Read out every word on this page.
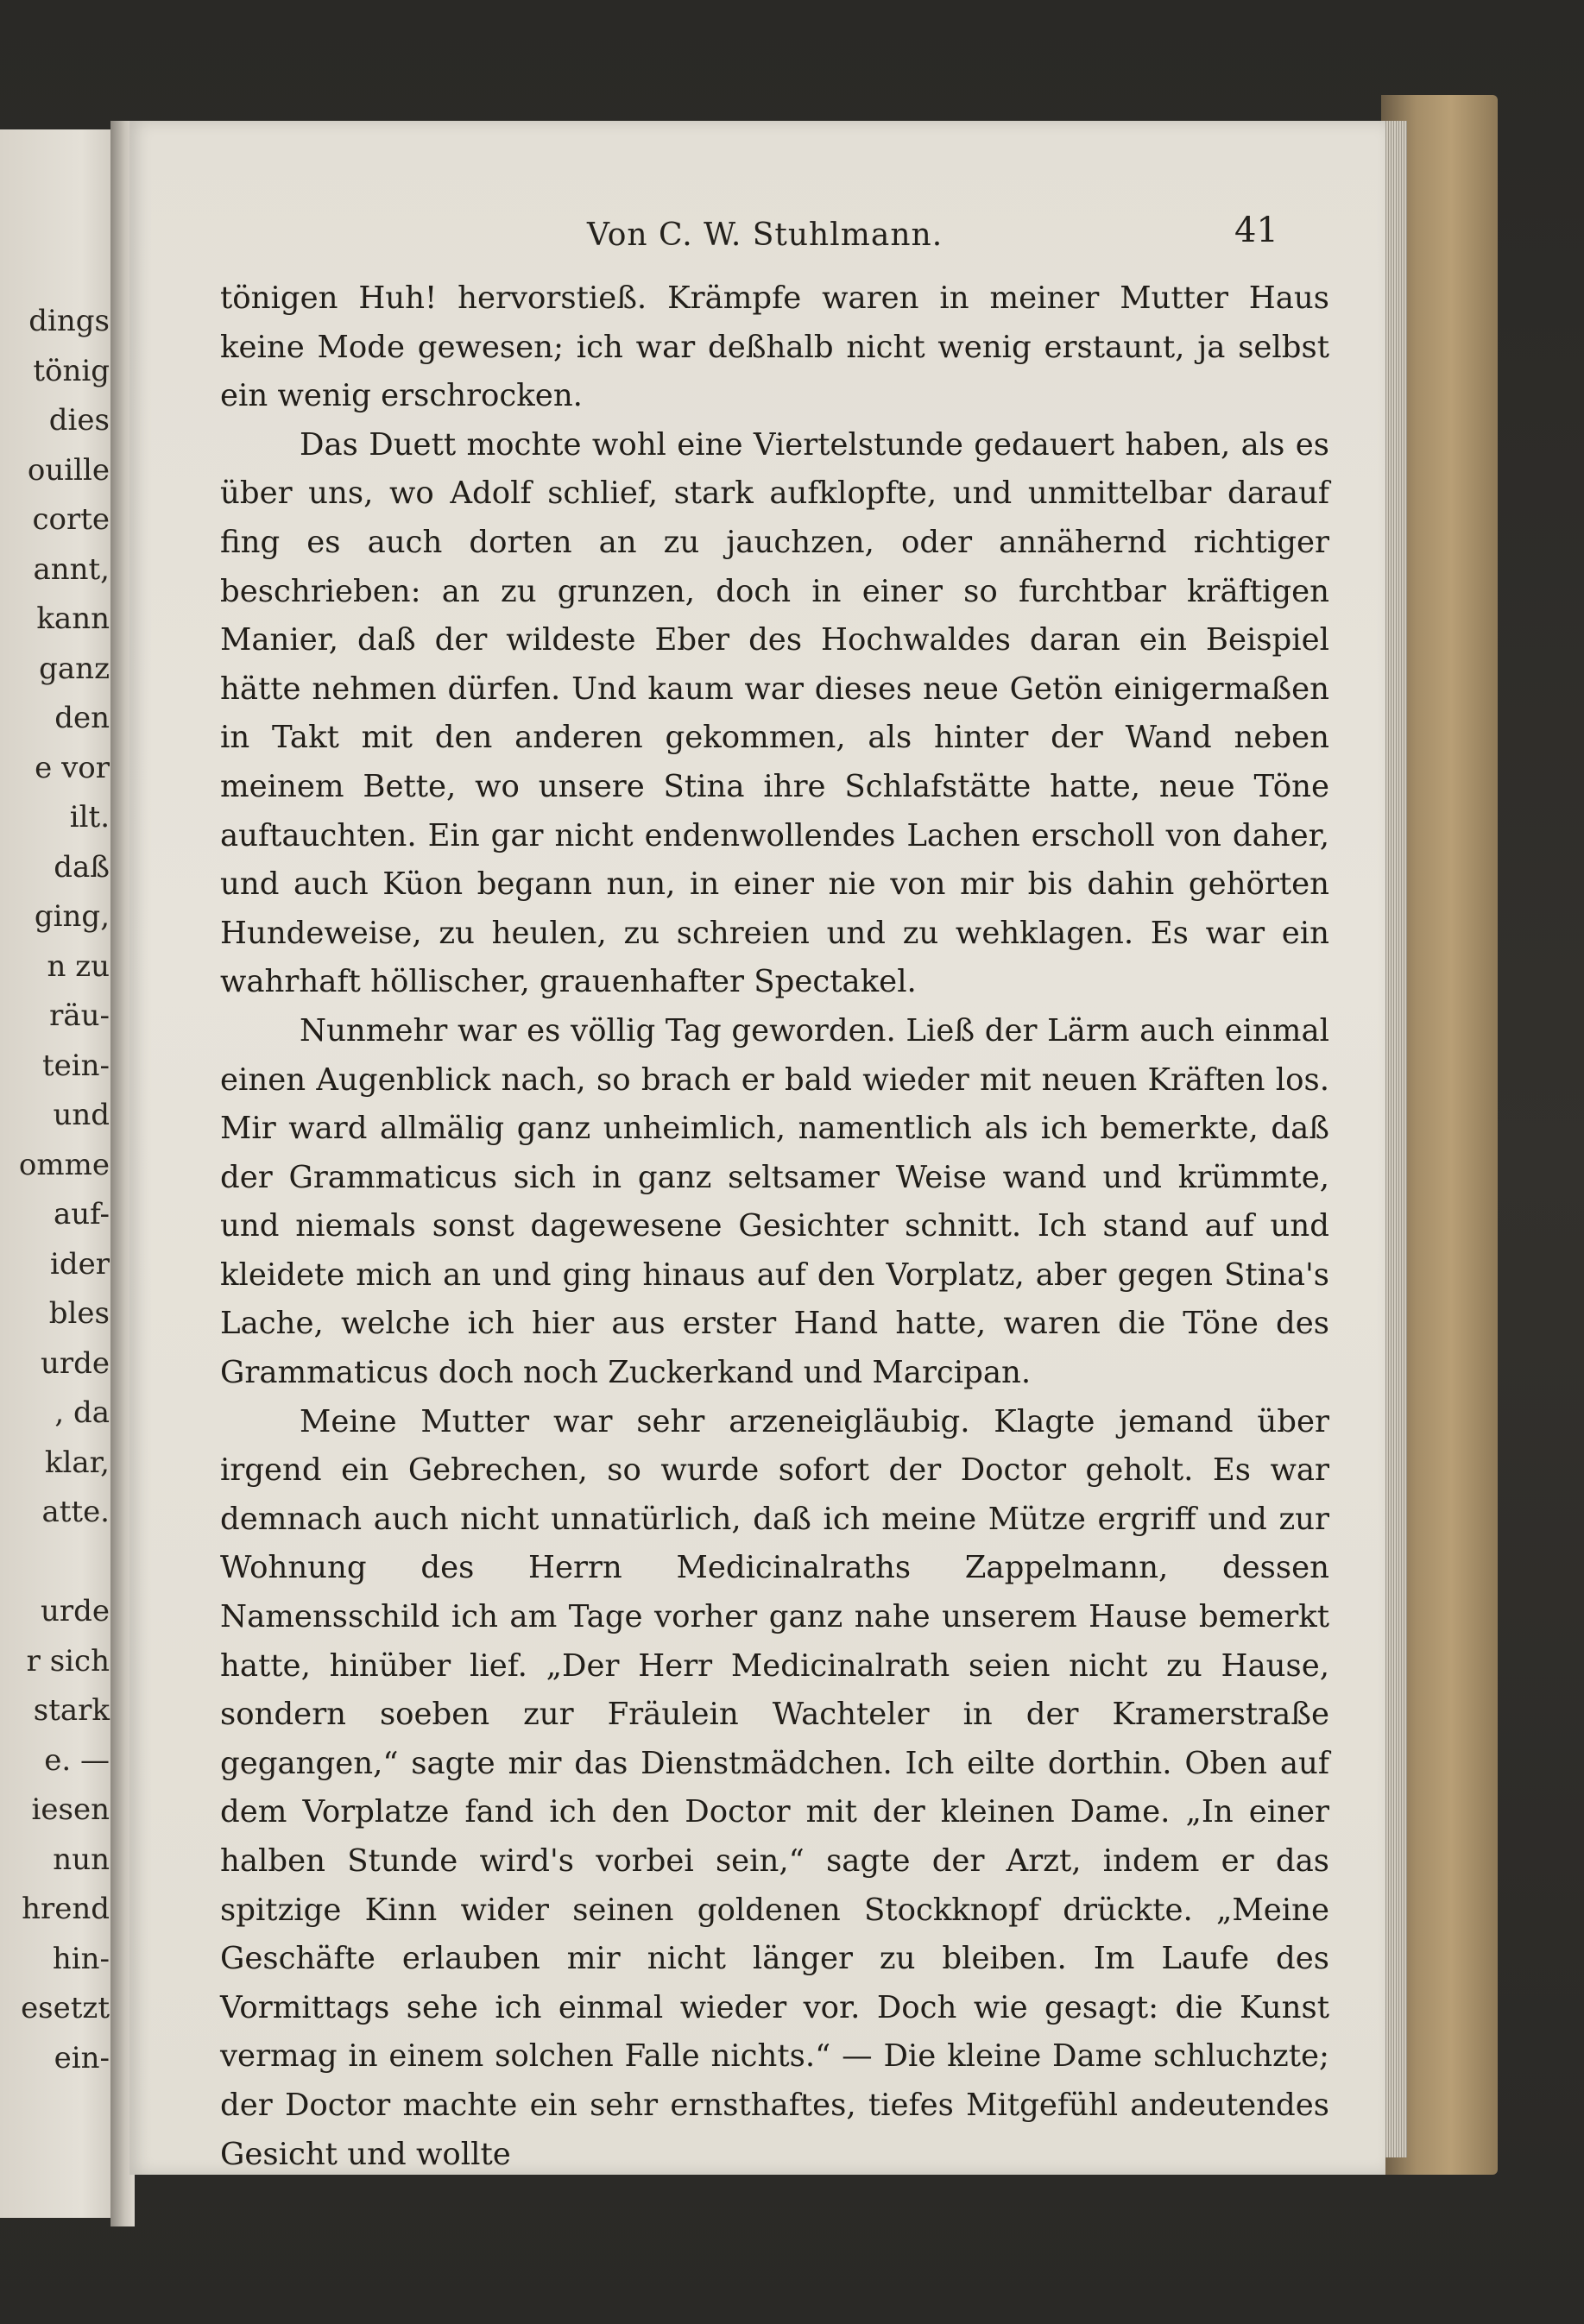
dings
tönig
dies
ouille
corte
annt,
kann
ganz
den
e vor
ilt.
daß
ging,
n zu
räu-
tein-
und
omme
auf-
ider
bles
urde
, da
klar,
atte.
urde
r sich
stark
e. —
iesen
nun
hrend
hin-
esetzt
ein-
Von C. W. Stuhlmann.	41

tönigen Huh! hervorstieß. Krämpfe waren in meiner Mutter Haus keine Mode gewesen; ich war deßhalb nicht wenig erstaunt, ja selbst ein wenig erschrocken.

Das Duett mochte wohl eine Viertelstunde gedauert haben, als es über uns, wo Adolf schlief, stark aufklopfte, und unmittelbar darauf fing es auch dorten an zu jauchzen, oder annähernd richtiger beschrieben: an zu grunzen, doch in einer so furchtbar kräftigen Manier, daß der wildeste Eber des Hochwaldes daran ein Beispiel hätte nehmen dürfen. Und kaum war dieses neue Getön einigermaßen in Takt mit den anderen gekommen, als hinter der Wand neben meinem Bette, wo unsere Stina ihre Schlafstätte hatte, neue Töne auftauchten. Ein gar nicht endenwollendes Lachen erscholl von daher, und auch Küon begann nun, in einer nie von mir bis dahin gehörten Hundeweise, zu heulen, zu schreien und zu wehklagen. Es war ein wahrhaft höllischer, grauenhafter Spectakel.

Nunmehr war es völlig Tag geworden. Ließ der Lärm auch einmal einen Augenblick nach, so brach er bald wieder mit neuen Kräften los. Mir ward allmälig ganz unheimlich, namentlich als ich bemerkte, daß der Grammaticus sich in ganz seltsamer Weise wand und krümmte, und niemals sonst dagewesene Gesichter schnitt. Ich stand auf und kleidete mich an und ging hinaus auf den Vorplatz, aber gegen Stina's Lache, welche ich hier aus erster Hand hatte, waren die Töne des Grammaticus doch noch Zuckerkand und Marcipan.

Meine Mutter war sehr arzeneigläubig. Klagte jemand über irgend ein Gebrechen, so wurde sofort der Doctor geholt. Es war demnach auch nicht unnatürlich, daß ich meine Mütze ergriff und zur Wohnung des Herrn Medicinalraths Zappelmann, dessen Namensschild ich am Tage vorher ganz nahe unserem Hause bemerkt hatte, hinüber lief. „Der Herr Medicinalrath seien nicht zu Hause, sondern soeben zur Fräulein Wachteler in der Kramerstraße gegangen,“ sagte mir das Dienstmädchen. Ich eilte dorthin. Oben auf dem Vorplatze fand ich den Doctor mit der kleinen Dame. „In einer halben Stunde wird's vorbei sein,“ sagte der Arzt, indem er das spitzige Kinn wider seinen goldenen Stockknopf drückte. „Meine Geschäfte erlauben mir nicht länger zu bleiben. Im Laufe des Vormittags sehe ich einmal wieder vor. Doch wie gesagt: die Kunst vermag in einem solchen Falle nichts.“ — Die kleine Dame schluchzte; der Doctor machte ein sehr ernsthaftes, tiefes Mitgefühl andeutendes Gesicht und wollte
